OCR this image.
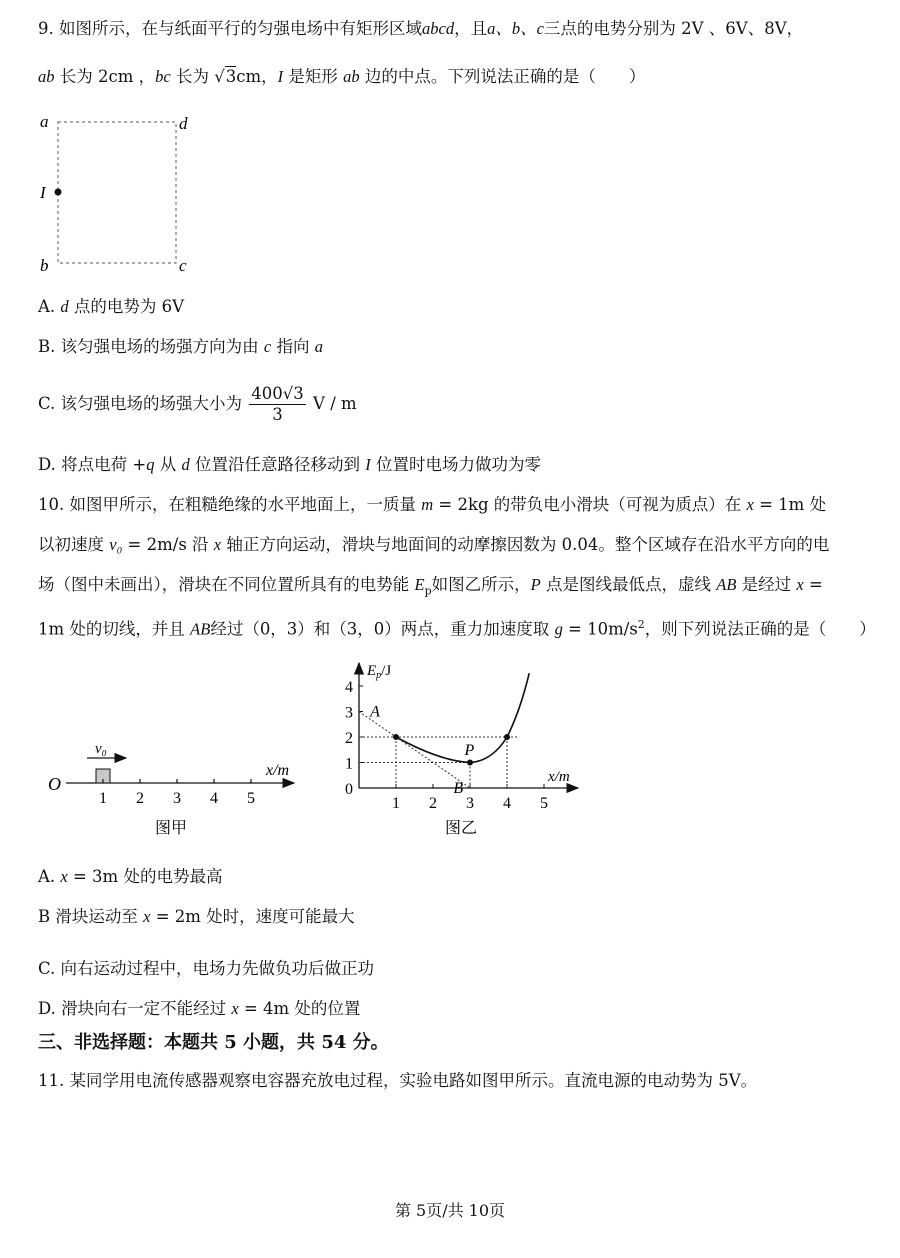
9. 如图所示，在与纸面平行的匀强电场中有矩形区域abcd，且a、b、c三点的电势分别为 2V 、6V、8V，
ab 长为 2cm ，bc 长为 √3cm，I 是矩形 ab 边的中点。下列说法正确的是（　　）
a	d
I
b	c
A. d 点的电势为 6V
B. 该匀强电场的场强方向为由 c 指向 a
C. 该匀强电场的场强大小为 $\frac{400√3}{3}$ V / m
D. 将点电荷 +q 从 d 位置沿任意路径移动到 I 位置时电场力做功为零
10. 如图甲所示，在粗糙绝缘的水平地面上，一质量 m = 2kg 的带负电小滑块（可视为质点）在 x = 1m 处
以初速度 v₀ = 2m/s 沿 x 轴正方向运动，滑块与地面间的动摩擦因数为 0.04。整个区域存在沿水平方向的电
场（图中未画出），滑块在不同位置所具有的电势能 $E_p$如图乙所示，P 点是图线最低点，虚线 AB 是经过 x =
1m 处的切线，并且 AB经过（0，3）和（3，0）两点，重力加速度取 $g = 10m/s^2$，则下列说法正确的是（　　）
O
x/m
v₀
1 2 3 4 5
图甲
$E_p/J$
x/m
0
1
2
3
4
1 2 3 4 5
A
B
P
图乙
A. x = 3m 处的电势最高
B 滑块运动至 x = 2m 处时，速度可能最大
C. 向右运动过程中，电场力先做负功后做正功
D. 滑块向右一定不能经过 x = 4m 处的位置
三、非选择题：本题共 5 小题，共 54 分。
11. 某同学用电流传感器观察电容器充放电过程，实验电路如图甲所示。直流电源的电动势为 5V。
第 5页/共 10页
